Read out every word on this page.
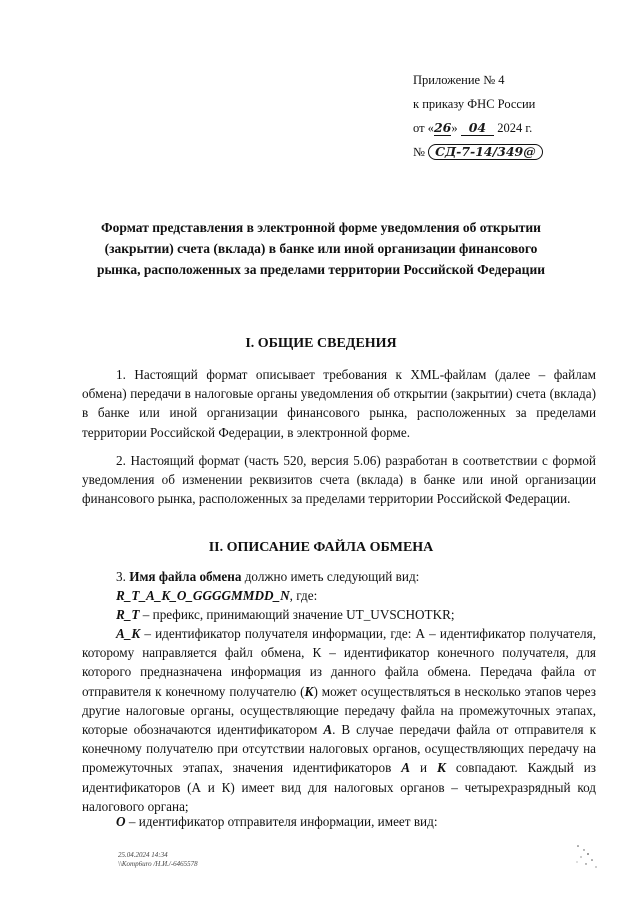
Приложение № 4
к приказу ФНС России
от «26» 04 2024 г.
№ СД-7-14/349@
Формат представления в электронной форме уведомления об открытии (закрытии) счета (вклада) в банке или иной организации финансового рынка, расположенных за пределами территории Российской Федерации
I. ОБЩИЕ СВЕДЕНИЯ

1. Настоящий формат описывает требования к XML-файлам (далее – файлам обмена) передачи в налоговые органы уведомления об открытии (закрытии) счета (вклада) в банке или иной организации финансового рынка, расположенных за пределами территории Российской Федерации, в электронной форме.

2. Настоящий формат (часть 520, версия 5.06) разработан в соответствии с формой уведомления об изменении реквизитов счета (вклада) в банке или иной организации финансового рынка, расположенных за пределами территории Российской Федерации.

II. ОПИСАНИЕ ФАЙЛА ОБМЕНА

3. Имя файла обмена должно иметь следующий вид:

R_T_A_K_O_GGGGMMDD_N, где:

R_T – префикс, принимающий значение UT_UVSCHOTKR;

A_K – идентификатор получателя информации, где: А – идентификатор получателя, которому направляется файл обмена, К – идентификатор конечного получателя, для которого предназначена информация из данного файла обмена. Передача файла от отправителя к конечному получателю (К) может осуществляться в несколько этапов через другие налоговые органы, осуществляющие передачу файла на промежуточных этапах, которые обозначаются идентификатором А. В случае передачи файла от отправителя к конечному получателю при отсутствии налоговых органов, осуществляющих передачу на промежуточных этапах, значения идентификаторов А и К совпадают. Каждый из идентификаторов (А и К) имеет вид для налоговых органов – четырехразрядный код налогового органа;

O – идентификатор отправителя информации, имеет вид:

25.04.2024 14:34
\\Komp6uro /Н.И./-6465578
